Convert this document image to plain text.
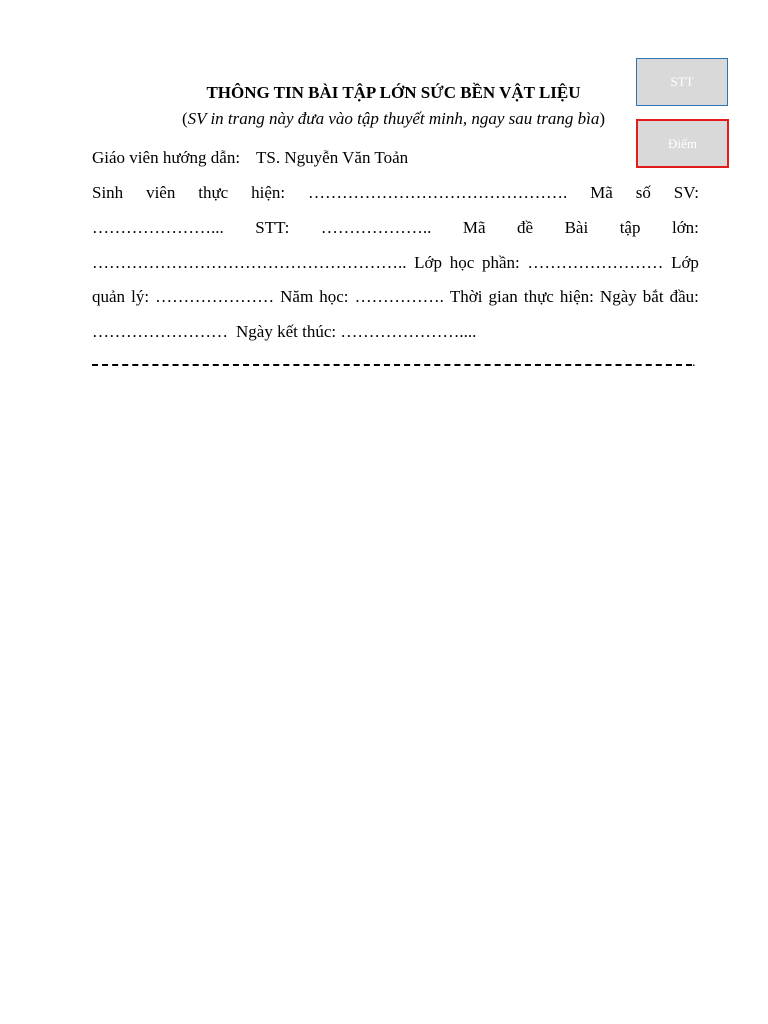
STT
Điểm
THÔNG TIN BÀI TẬP LỚN SỨC BỀN VẬT LIỆU
(SV in trang này đưa vào tập thuyết minh, ngay sau trang bìa)
Giáo viên hướng dẫn: TS. Nguyễn Văn Toản
Sinh viên thực hiện: ………………………………………. Mã số SV:
…………………... STT: ……………….. Mã đề Bài tập lớn:
……………………………………………….. Lớp học phần: …………………… Lớp
quản lý: ………………… Năm học: ……………. Thời gian thực hiện: Ngày bắt đầu:
…………………… Ngày kết thúc: …………………....
.
